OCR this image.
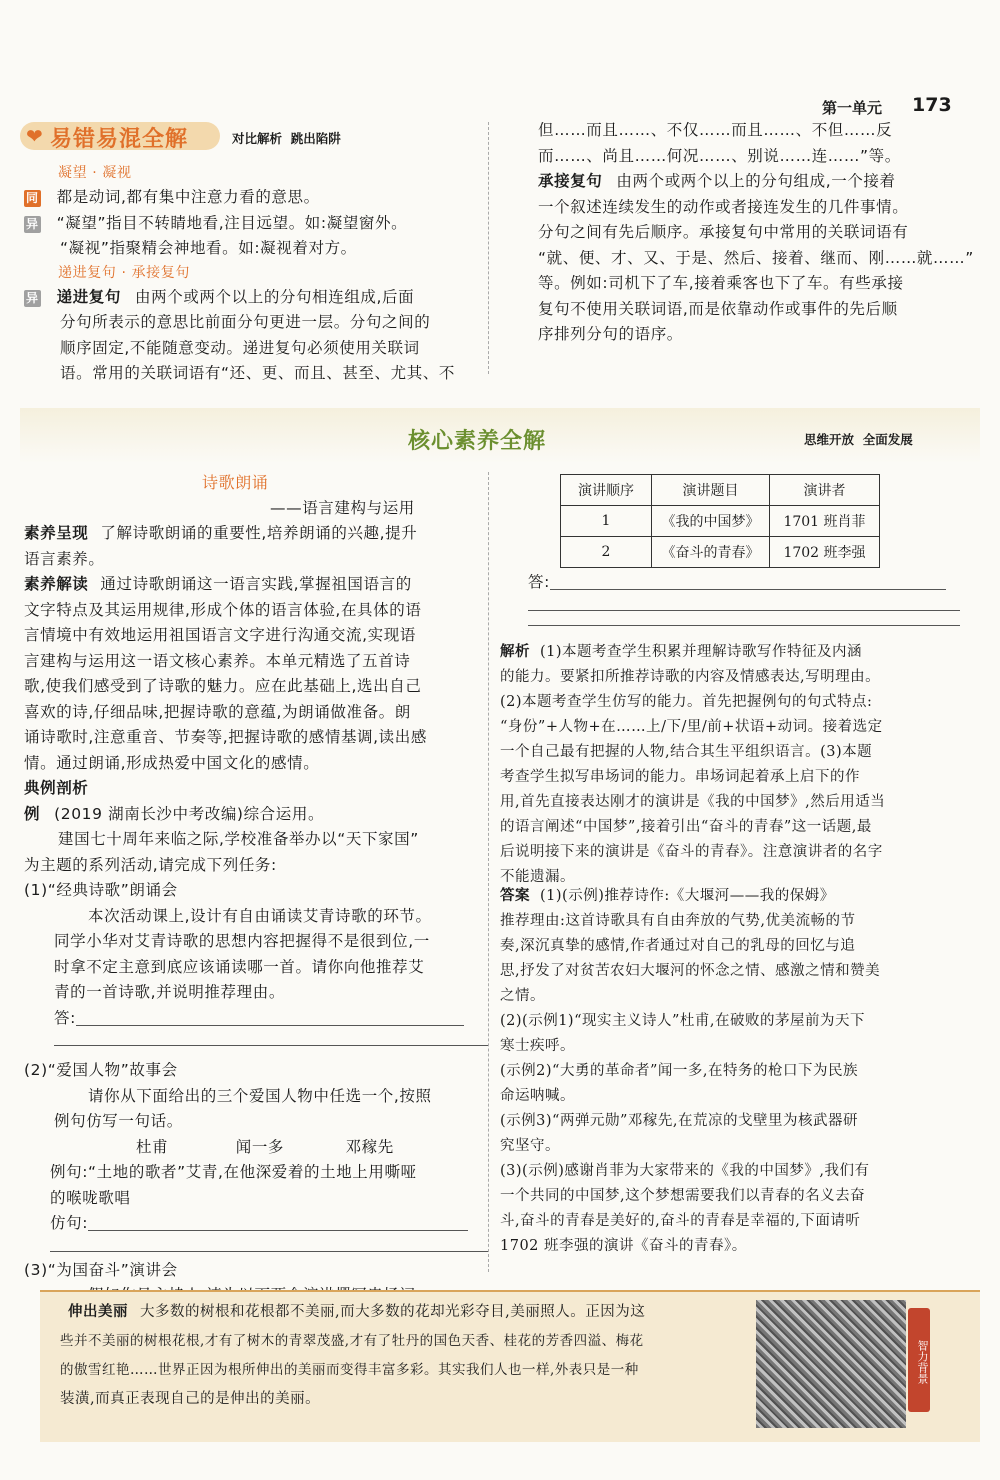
第一单元 173
❤ 易错易混全解	对比解析  跳出陷阱
凝望 · 凝视
同 都是动词,都有集中注意力看的意思。
异 “凝望”指目不转睛地看,注目远望。如:凝望窗外。
“凝视”指聚精会神地看。如:凝视着对方。
递进复句 · 承接复句
异 递进复句 由两个或两个以上的分句相连组成,后面
分句所表示的意思比前面分句更进一层。分句之间的
顺序固定,不能随意变动。递进复句必须使用关联词
语。常用的关联词语有“还、更、而且、甚至、尤其、不
但……而且……、不仅……而且……、不但……反
而……、尚且……何况……、别说……连……”等。
承接复句 由两个或两个以上的分句组成,一个接着
一个叙述连续发生的动作或者接连发生的几件事情。
分句之间有先后顺序。承接复句中常用的关联词语有
“就、便、才、又、于是、然后、接着、继而、刚……就……”
等。例如:司机下了车,接着乘客也下了车。有些承接
复句不使用关联词语,而是依靠动作或事件的先后顺
序排列分句的语序。
核心素养全解	思维开放  全面发展
诗歌朗诵
——语言建构与运用
素养呈现 了解诗歌朗诵的重要性,培养朗诵的兴趣,提升
语言素养。
素养解读 通过诗歌朗诵这一语言实践,掌握祖国语言的
文字特点及其运用规律,形成个体的语言体验,在具体的语
言情境中有效地运用祖国语言文字进行沟通交流,实现语
言建构与运用这一语文核心素养。本单元精选了五首诗
歌,使我们感受到了诗歌的魅力。应在此基础上,选出自己
喜欢的诗,仔细品味,把握诗歌的意蕴,为朗诵做准备。朗
诵诗歌时,注意重音、节奏等,把握诗歌的感情基调,读出感
情。通过朗诵,形成热爱中国文化的感情。
典例剖析
例 (2019 湖南长沙中考改编)综合运用。
建国七十周年来临之际,学校准备举办以“天下家国”
为主题的系列活动,请完成下列任务:
(1)“经典诗歌”朗诵会
本次活动课上,设计有自由诵读艾青诗歌的环节。
同学小华对艾青诗歌的思想内容把握得不是很到位,一
时拿不定主意到底应该诵读哪一首。请你向他推荐艾
青的一首诗歌,并说明推荐理由。
答:
(2)“爱国人物”故事会
请你从下面给出的三个爱国人物中任选一个,按照
例句仿写一句话。
杜甫	闻一多	邓稼先
例句:“土地的歌者”艾青,在他深爱着的土地上用嘶哑
的喉咙歌唱
仿句:
(3)“为国奋斗”演讲会
演讲顺序	演讲题目	演讲者
1	《我的中国梦》	1701 班肖菲
2	《奋斗的青春》	1702 班李强
答:
解析 (1)本题考查学生积累并理解诗歌写作特征及内涵
的能力。要紧扣所推荐诗歌的内容及情感表达,写明理由。
(2)本题考查学生仿写的能力。首先把握例句的句式特点:
“身份”+人物+在……上/下/里/前+状语+动词。接着选定
一个自己最有把握的人物,结合其生平组织语言。(3)本题
考查学生拟写串场词的能力。串场词起着承上启下的作
用,首先直接表达刚才的演讲是《我的中国梦》,然后用适当
的语言阐述“中国梦”,接着引出“奋斗的青春”这一话题,最
后说明接下来的演讲是《奋斗的青春》。注意演讲者的名字
不能遗漏。
答案 (1)(示例)推荐诗作:《大堰河——我的保姆》
推荐理由:这首诗歌具有自由奔放的气势,优美流畅的节
奏,深沉真挚的感情,作者通过对自己的乳母的回忆与追
思,抒发了对贫苦农妇大堰河的怀念之情、感激之情和赞美
之情。
(2)(示例1)“现实主义诗人”杜甫,在破败的茅屋前为天下
寒士疾呼。
(示例2)“大勇的革命者”闻一多,在特务的枪口下为民族
命运呐喊。
(示例3)“两弹元勋”邓稼先,在荒凉的戈壁里为核武器研
究坚守。
(3)(示例)感谢肖菲为大家带来的《我的中国梦》,我们有
一个共同的中国梦,这个梦想需要我们以青春的名义去奋
斗,奋斗的青春是美好的,奋斗的青春是幸福的,下面请听
1702 班李强的演讲《奋斗的青春》。
伸出美丽 大多数的树根和花根都不美丽,而大多数的花却光彩夺目,美丽照人。正因为这
些并不美丽的树根花根,才有了树木的青翠茂盛,才有了牡丹的国色天香、桂花的芳香四溢、梅花
的傲雪红艳……世界正因为根所伸出的美丽而变得丰富多彩。其实我们人也一样,外表只是一种
装潢,而真正表现自己的是伸出的美丽。
智力背景
